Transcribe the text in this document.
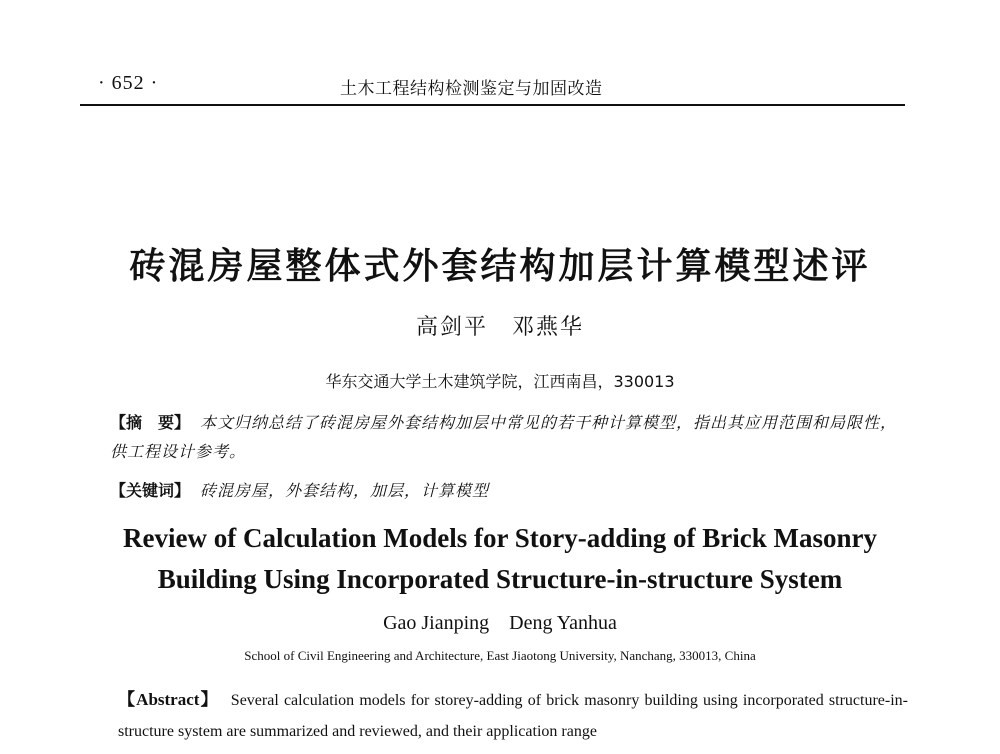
· 652 ·	土木工程结构检测鉴定与加固改造
砖混房屋整体式外套结构加层计算模型述评
高剑平　邓燕华
华东交通大学土木建筑学院，江西南昌，330013
【摘　要】 本文归纳总结了砖混房屋外套结构加层中常见的若干种计算模型，指出其应用范围和局限性，供工程设计参考。
【关键词】 砖混房屋，外套结构，加层，计算模型
Review of Calculation Models for Story-adding of Brick Masonry
Building Using Incorporated Structure-in-structure System
Gao Jianping　Deng Yanhua
School of Civil Engineering and Architecture, East Jiaotong University, Nanchang, 330013, China
【Abstract】 Several calculation models for storey-adding of brick masonry building using incorporated structure-in-structure system are summarized and reviewed, and their application range
